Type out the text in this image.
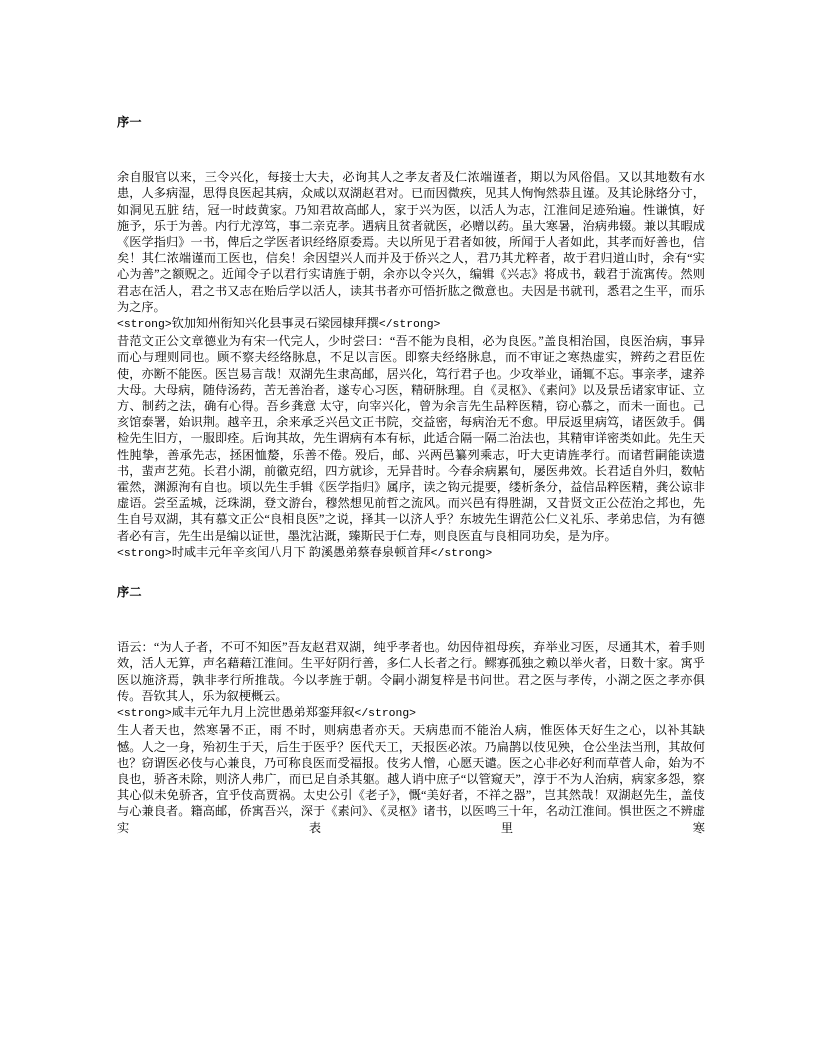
序一

余自服官以来，三令兴化，每接士大夫，必询其人之孝友者及仁浓端谨者，期以为风俗倡。又以其地数有水患，人多病湿，思得良医起其病，众咸以双湖赵君对。已而因微疾，见其人恂恂然恭且谨。及其论脉络分寸，如洞见五脏 结，冠一时歧黄家。乃知君故高邮人，家于兴为医，以活人为志，江淮间足迹殆遍。性谦慎，好施予，乐于为善。内行尤淳笃，事二亲克孝。遇病且贫者就医，必赠以药。虽大寒暑，治病弗辍。兼以其暇成《医学指归》一书，俾后之学医者识经络原委焉。夫以所见于君者如彼，所闻于人者如此，其孝而好善也，信矣！其仁浓端谨而工医也，信矣！余因望兴人而并及于侨兴之人，君乃其尤粹者，故于君归道山时，余有“实心为善”之额贶之。近闻令子以君行实请旌于朝，余亦以令兴久，编辑《兴志》将成书，载君于流寓传。然则君志在活人，君之书又志在贻后学以活人，读其书者亦可悟折肱之微意也。夫因是书就刊，悉君之生平，而乐为之序。

<strong>钦加知州衔知兴化县事灵石梁园棣拜撰</strong>

昔范文正公文章德业为有宋一代完人，少时尝曰：“吾不能为良相，必为良医。”盖良相治国，良医治病，事异而心与理则同也。顾不察夫经络脉息，不足以言医。即察夫经络脉息，而不审证之寒热虚实，辨药之君臣佐使，亦断不能医。医岂易言哉！双湖先生隶高邮，居兴化，笃行君子也。少攻举业，诵辄不忘。事亲孝，逮养大母。大母病，随侍汤药，苦无善治者，遂专心习医，精研脉理。自《灵枢》、《素问》以及景岳诸家审证、立方、制药之法，确有心得。吾乡龚意 太守，向宰兴化，曾为余言先生品粹医精，窃心慕之，而未一面也。己亥馆泰署，始识荆。越辛丑，余来承乏兴邑文正书院，交益密，每病治无不愈。甲辰返里病笃，诸医敛手。偶检先生旧方，一服即痊。后询其故，先生谓病有本有标，此适合隔一隔二治法也，其精审详密类如此。先生天性肫挚，善承先志，拯困恤嫠，乐善不倦。殁后，邮、兴两邑纂列乘志，吁大吏请旌孝行。而诸哲嗣能读遗书，蜚声艺苑。长君小湖，前徽克绍，四方就诊，无异昔时。今春余病累旬，屡医弗效。长君适自外归，数帖霍然，渊源洵有自也。顷以先生手辑《医学指归》属序，读之钩元提要，缕析条分，益信品粹医精，龚公谅非虚语。尝至孟城，泛珠湖，登文游台，穆然想见前哲之流风。而兴邑有得胜湖，又昔贤文正公莅治之邦也，先生自号双湖，其有慕文正公“良相良医”之说，择其一以济人乎？东坡先生谓范公仁义礼乐、孝弟忠信，为有德者必有言，先生出是编以证世，墨沈沾溉，臻斯民于仁寿，则良医直与良相同功矣，是为序。

<strong>时咸丰元年辛亥闰八月下 韵溪愚弟蔡春泉顿首拜</strong>

序二

语云：“为人子者，不可不知医”吾友赵君双湖，纯乎孝者也。幼因侍祖母疾，弃举业习医，尽通其术，着手则效，活人无算，声名藉藉江淮间。生平好阴行善，多仁人长者之行。鳏寡孤独之赖以举火者，日数十家。寓乎医以施济焉，孰非孝行所推哉。今以孝旌于朝。令嗣小湖复梓是书问世。君之医与孝传，小湖之医之孝亦俱传。吾钦其人，乐为叙梗概云。

<strong>咸丰元年九月上浣世愚弟郑銮拜叙</strong>

生人者天也，然寒暑不正，雨 不时，则病患者亦天。天病患而不能治人病，惟医体天好生之心，以补其缺憾。人之一身，殆初生于天，后生于医乎？医代天工，天报医必浓。乃扁鹊以伎见殃，仓公坐法当刑，其故何也？窃谓医必伎与心兼良，乃可称良医而受福报。伎劣人憎，心愿天谴。医之心非必好利而草菅人命，始为不良也，骄吝未除，则济人弗广，而已足自杀其躯。越人诮中庶子“以管窥天”，淳于不为人治病，病家多怨，察其心似未免骄吝，宜乎伎高贾祸。太史公引《老子》，慨“美好者，不祥之器”，岂其然哉！双湖赵先生，盖伎与心兼良者。籍高邮，侨寓吾兴，深于《素问》、《灵枢》诸书，以医鸣三十年，名动江淮间。惧世医之不辨虚实表里寒
